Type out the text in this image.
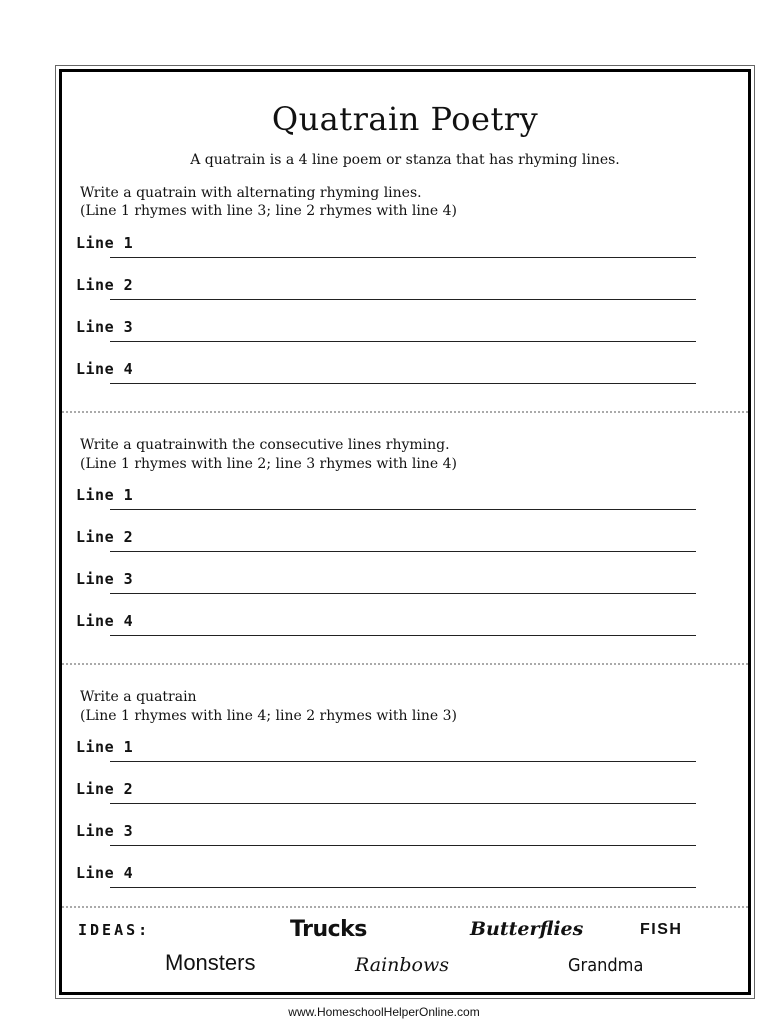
Quatrain Poetry
A quatrain is a 4 line poem or stanza that has rhyming lines.
Write a quatrain with alternating rhyming lines.
(Line 1 rhymes with line 3; line 2 rhymes with line 4)
Line 1
Line 2
Line 3
Line 4
Write a quatrainwith the consecutive lines rhyming.
(Line 1 rhymes with line 2; line 3 rhymes with line 4)
Line 1
Line 2
Line 3
Line 4
Write a quatrain
(Line 1 rhymes with line 4; line 2 rhymes with line 3)
Line 1
Line 2
Line 3
Line 4
IDEAS:	Trucks	Butterflies	FISH
Monsters	Rainbows	Grandma
www.HomeschoolHelperOnline.com
